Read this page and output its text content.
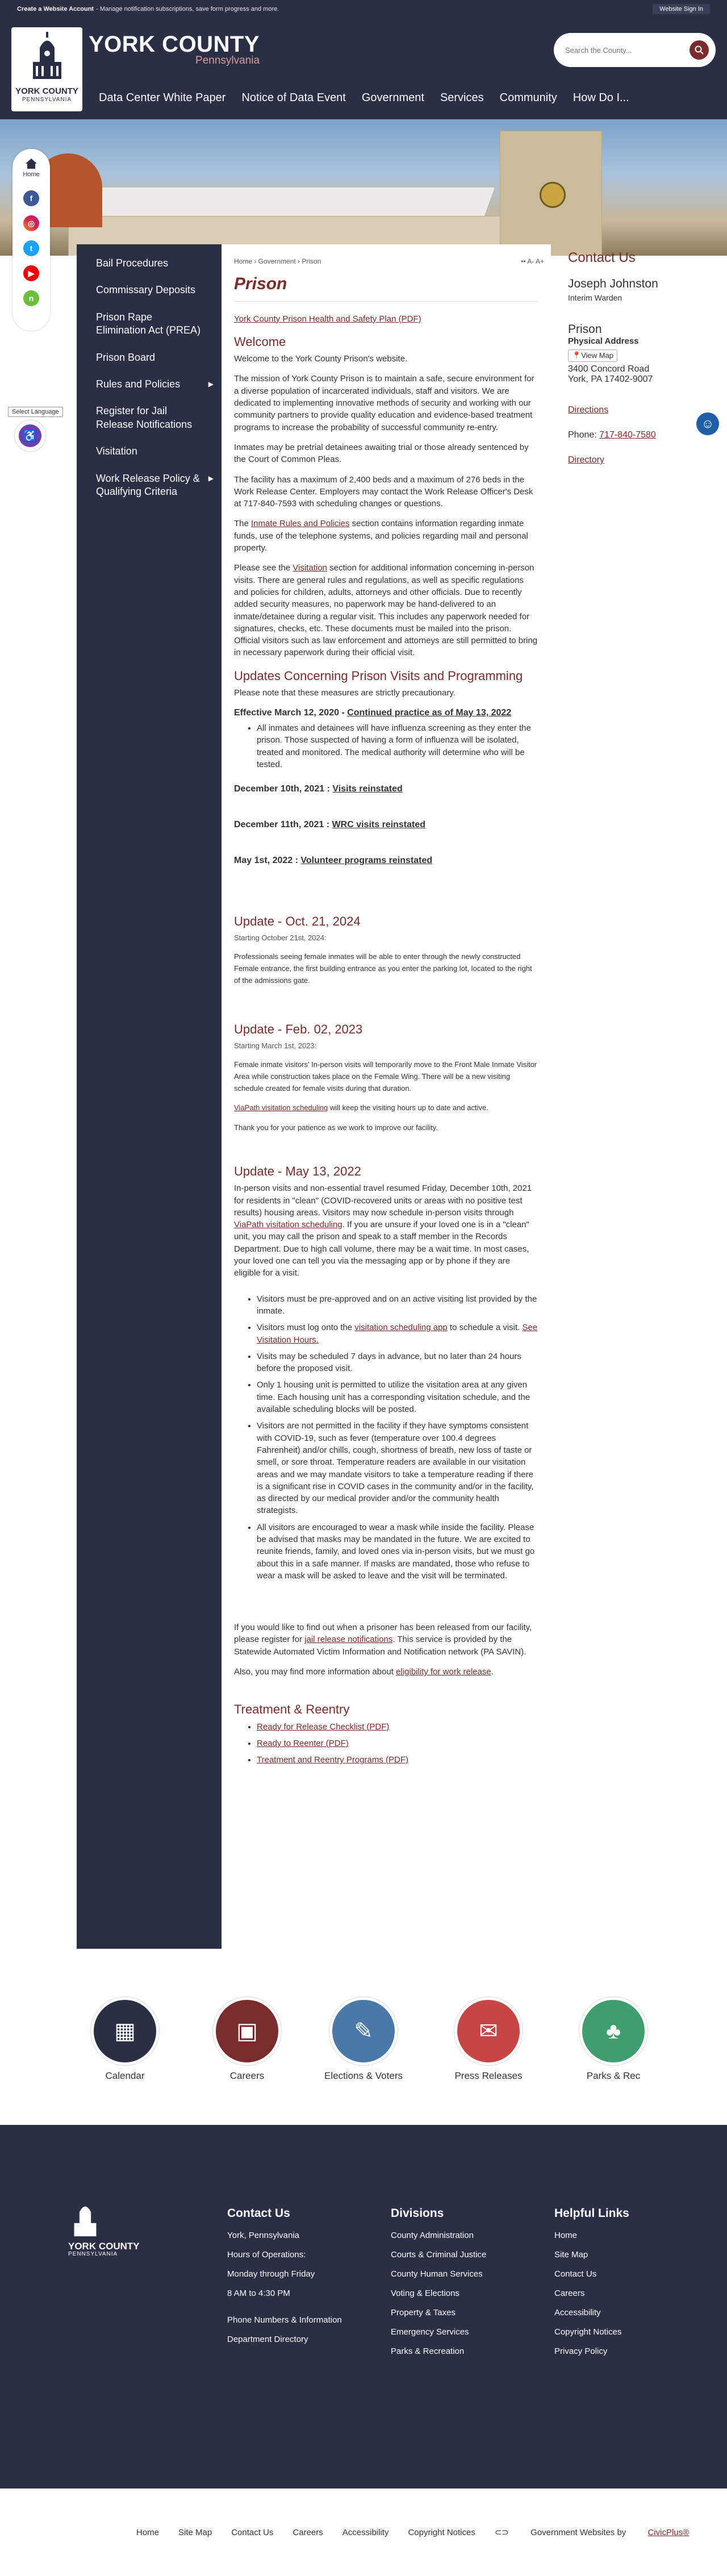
Create a Website Account - Manage notification subscriptions, save form progress and more.	Website Sign In
YORK COUNTY
PENNSYLVANIA
YORK COUNTY
Pennsylvania
Search the County...
Data Center White Paper	Notice of Data Event	Government	Services	Community	How Do I...
Home
f
◎
t
▶
n
Select Language
♿
☺
Bail Procedures
Commissary Deposits
Prison Rape Elimination Act (PREA)
Prison Board
Rules and Policies	▶
Register for Jail Release Notifications
Visitation
Work Release Policy & Qualifying Criteria
▶
Home › Government › Prison	•• A- A+
Prison

York County Prison Health and Safety Plan (PDF)

Welcome

Welcome to the York County Prison's website.

The mission of York County Prison is to maintain a safe, secure environment for a diverse population of incarcerated individuals, staff and visitors. We are dedicated to implementing innovative methods of security and working with our community partners to provide quality education and evidence-based treatment programs to increase the probability of successful community re-entry.

Inmates may be pretrial detainees awaiting trial or those already sentenced by the Court of Common Pleas.

The facility has a maximum of 2,400 beds and a maximum of 276 beds in the Work Release Center. Employers may contact the Work Release Officer's Desk at 717-840-7593 with scheduling changes or questions.

The Inmate Rules and Policies section contains information regarding inmate funds, use of the telephone systems, and policies regarding mail and personal property.

Please see the Visitation section for additional information concerning in-person visits. There are general rules and regulations, as well as specific regulations and policies for children, adults, attorneys and other officials. Due to recently added security measures, no paperwork may be hand-delivered to an inmate/detainee during a regular visit. This includes any paperwork needed for signatures, checks, etc. These documents must be mailed into the prison. Official visitors such as law enforcement and attorneys are still permitted to bring in necessary paperwork during their official visit.

Updates Concerning Prison Visits and Programming

Please note that these measures are strictly precautionary.

Effective March 12, 2020 - Continued practice as of May 13, 2022
• All inmates and detainees will have influenza screening as they enter the prison. Those suspected of having a form of influenza will be isolated, treated and monitored. The medical authority will determine who will be tested.
December 10th, 2021 : Visits reinstated
December 11th, 2021 : WRC visits reinstated
May 1st, 2022 : Volunteer programs reinstated
Update - Oct. 21, 2024

Starting October 21st, 2024:

Professionals seeing female inmates will be able to enter through the newly constructed Female entrance, the first building entrance as you enter the parking lot, located to the right of the admissions gate.

Update - Feb. 02, 2023

Starting March 1st, 2023:

Female inmate visitors' In-person visits will temporarily move to the Front Male Inmate Visitor Area while construction takes place on the Female Wing. There will be a new visiting schedule created for female visits during that duration.

ViaPath visitation scheduling will keep the visiting hours up to date and active.

Thank you for your patience as we work to improve our facility.

Update - May 13, 2022

In-person visits and non-essential travel resumed Friday, December 10th, 2021 for residents in "clean" (COVID-recovered units or areas with no positive test results) housing areas. Visitors may now schedule in-person visits through ViaPath visitation scheduling. If you are unsure if your loved one is in a "clean" unit, you may call the prison and speak to a staff member in the Records Department. Due to high call volume, there may be a wait time. In most cases, your loved one can tell you via the messaging app or by phone if they are eligible for a visit.

• Visitors must be pre-approved and on an active visiting list provided by the inmate.
• Visitors must log onto the visitation scheduling app to schedule a visit. See Visitation Hours.
• Visits may be scheduled 7 days in advance, but no later than 24 hours before the proposed visit.
• Only 1 housing unit is permitted to utilize the visitation area at any given time. Each housing unit has a corresponding visitation schedule, and the available scheduling blocks will be posted.
• Visitors are not permitted in the facility if they have symptoms consistent with COVID-19, such as fever (temperature over 100.4 degrees Fahrenheit) and/or chills, cough, shortness of breath, new loss of taste or smell, or sore throat. Temperature readers are available in our visitation areas and we may mandate visitors to take a temperature reading if there is a significant rise in COVID cases in the community and/or in the facility, as directed by our medical provider and/or the community health strategists.
• All visitors are encouraged to wear a mask while inside the facility. Please be advised that masks may be mandated in the future. We are excited to reunite friends, family, and loved ones via in-person visits, but we must go about this in a safe manner. If masks are mandated, those who refuse to wear a mask will be asked to leave and the visit will be terminated.

If you would like to find out when a prisoner has been released from our facility, please register for jail release notifications. This service is provided by the Statewide Automated Victim Information and Notification network (PA SAVIN).

Also, you may find more information about eligibility for work release.

Treatment & Reentry
• Ready for Release Checklist (PDF)
• Ready to Reenter (PDF)
• Treatment and Reentry Programs (PDF)
Contact Us
Joseph Johnston
Interim Warden
Prison
Physical Address
📍View Map
3400 Concord Road
York, PA 17402-9007
Directions
Phone: 717-840-7580
Directory
▦
Calendar
▣
Careers
✎
Elections & Voters
✉
Press Releases
♣
Parks & Rec
YORK COUNTY
PENNSYLVANIA
Contact Us
York, Pennsylvania
Hours of Operations:
Monday through Friday
8 AM to 4:30 PM
Phone Numbers & Information
Department Directory
Divisions
County Administration
Courts & Criminal Justice
County Human Services
Voting & Elections
Property & Taxes
Emergency Services
Parks & Recreation
Helpful Links
Home
Site Map
Contact Us
Careers
Accessibility
Copyright Notices
Privacy Policy
Home Site Map Contact Us Careers Accessibility Copyright Notices ⊂⊃ Government Websites by CivicPlus®
